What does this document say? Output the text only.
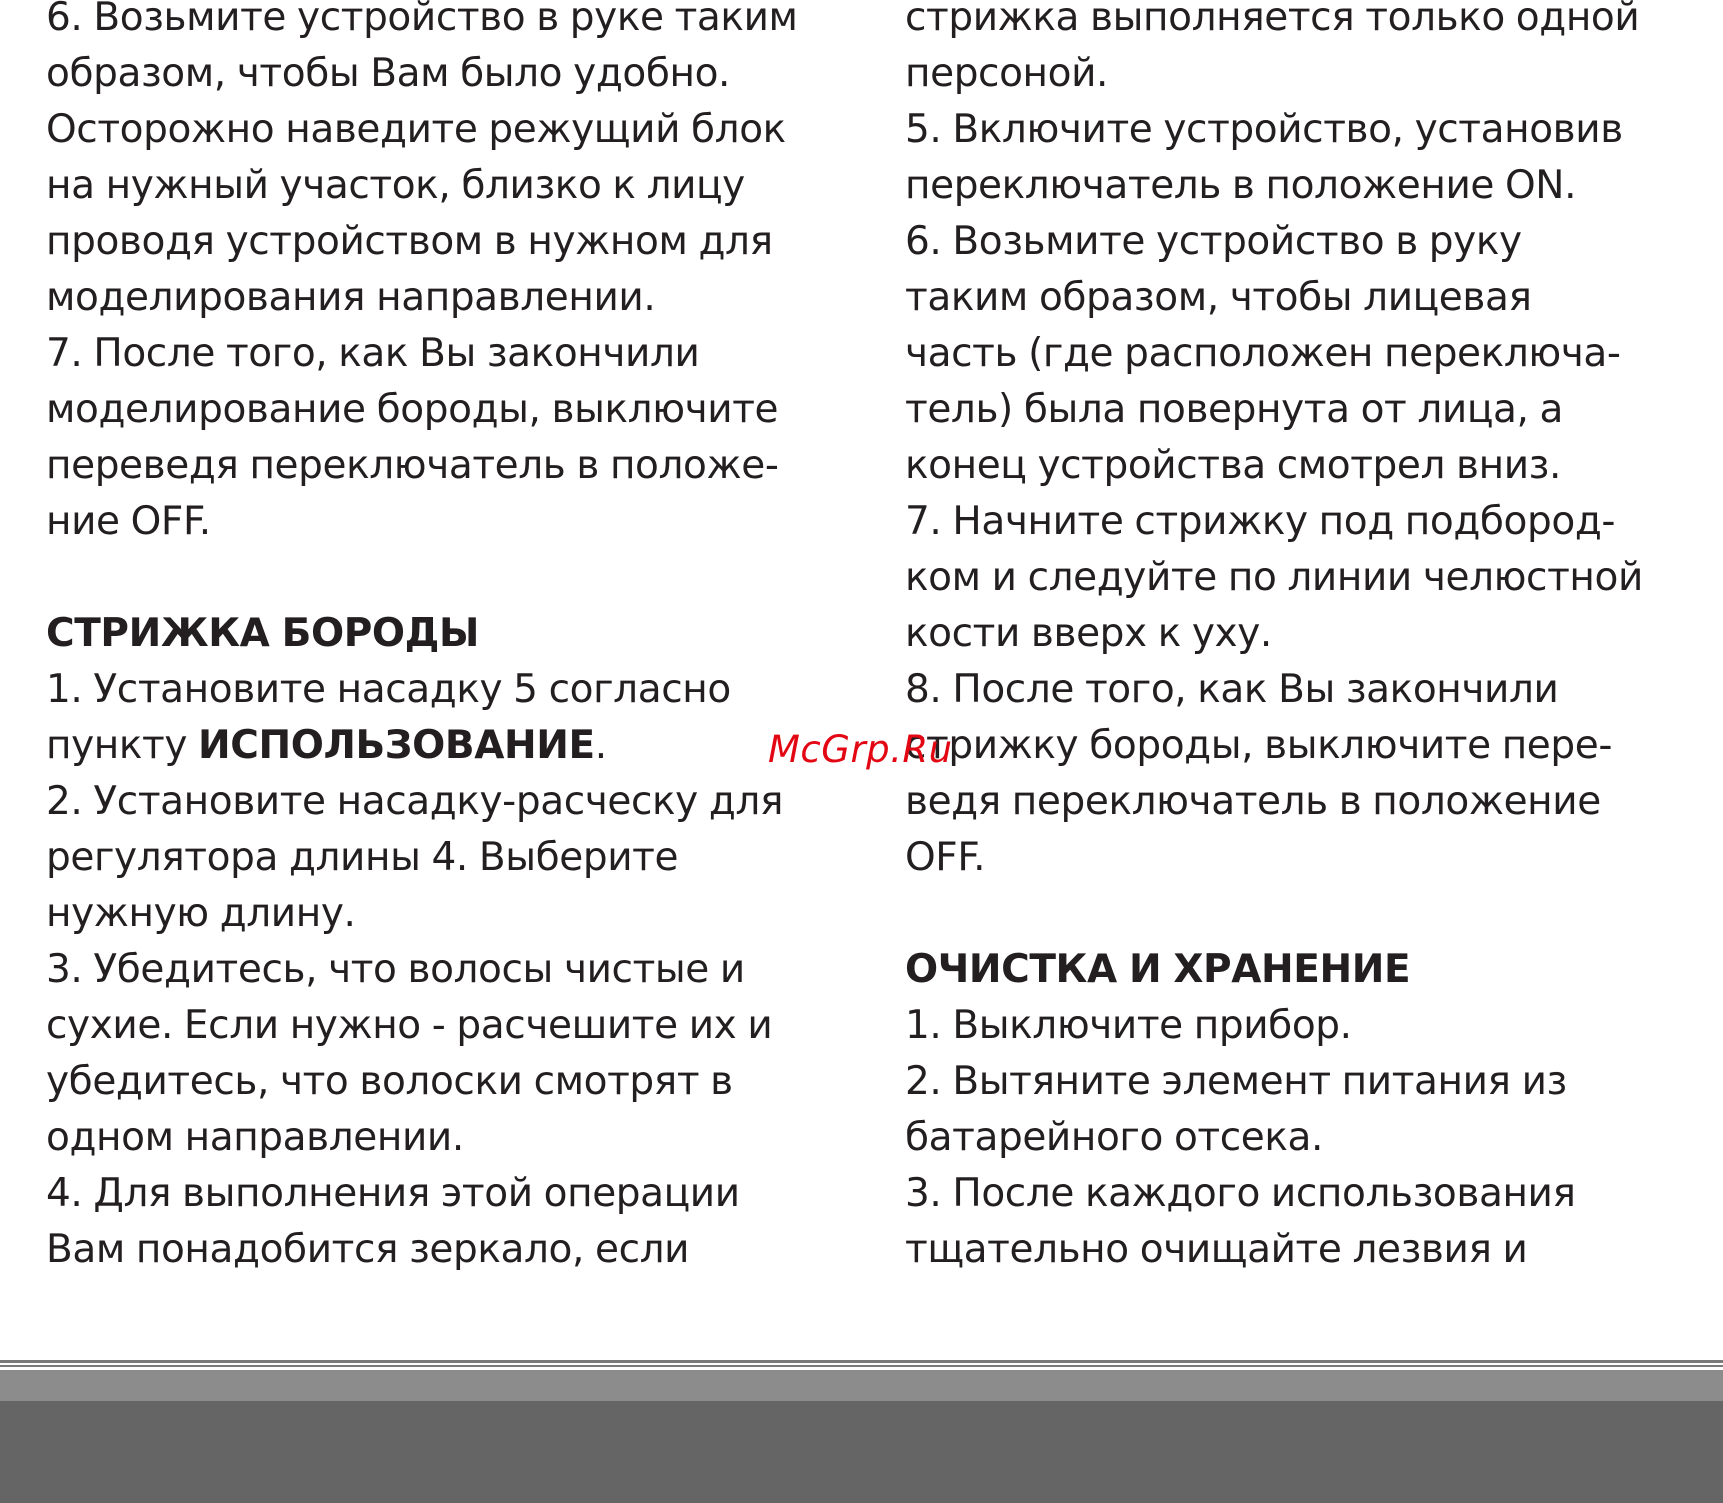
6. Возьмите устройство в руке таким
образом, чтобы Вам было удобно.
Осторожно наведите режущий блок
на нужный участок, близко к лицу
проводя устройством в нужном для
моделирования направлении.
7. После того, как Вы закончили
моделирование бороды, выключите
переведя переключатель в положе-
ние OFF.
СТРИЖКА БОРОДЫ
1. Установите насадку 5 согласно
пункту ИСПОЛЬЗОВАНИЕ.
2. Установите насадку-расческу для
регулятора длины 4. Выберите
нужную длину.
3. Убедитесь, что волосы чистые и
сухие. Если нужно - расчешите их и
убедитесь, что волоски смотрят в
одном направлении.
4. Для выполнения этой операции
Вам понадобится зеркало, если
стрижка выполняется только одной
персоной.
5. Включите устройство, установив
переключатель в положение ON.
6. Возьмите устройство в руку
таким образом, чтобы лицевая
часть (где расположен переключа-
тель) была повернута от лица, а
конец устройства смотрел вниз.
7. Начните стрижку под подбород-
ком и следуйте по линии челюстной
кости вверх к уху.
8. После того, как Вы закончили
стрижку бороды, выключите пере-
ведя переключатель в положение
OFF.
ОЧИСТКА И ХРАНЕНИЕ
1. Выключите прибор.
2. Вытяните элемент питания из
батарейного отсека.
3. После каждого использования
тщательно очищайте лезвия и
McGrp.Ru
